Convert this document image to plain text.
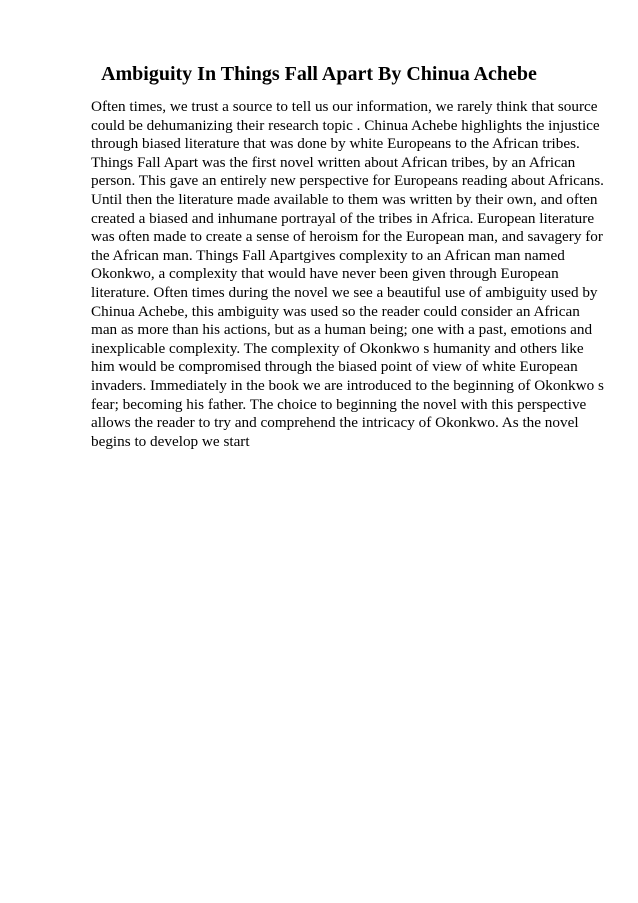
Ambiguity In Things Fall Apart By Chinua Achebe
Often times, we trust a source to tell us our information, we rarely think that source
could be dehumanizing their research topic . Chinua Achebe highlights the injustice
through biased literature that was done by white Europeans to the African tribes.
Things Fall Apart was the first novel written about African tribes, by an African
person. This gave an entirely new perspective for Europeans reading about Africans.
Until then the literature made available to them was written by their own, and often
created a biased and inhumane portrayal of the tribes in Africa. European literature
was often made to create a sense of heroism for the European man, and savagery for
the African man. Things Fall Apartgives complexity to an African man named
Okonkwo, a complexity that would have never been given through European
literature. Often times during the novel we see a beautiful use of ambiguity used by
Chinua Achebe, this ambiguity was used so the reader could consider an African
man as more than his actions, but as a human being; one with a past, emotions and
inexplicable complexity. The complexity of Okonkwo s humanity and others like
him would be compromised through the biased point of view of white European
invaders. Immediately in the book we are introduced to the beginning of Okonkwo s
fear; becoming his father. The choice to beginning the novel with this perspective
allows the reader to try and comprehend the intricacy of Okonkwo. As the novel
begins to develop we start
